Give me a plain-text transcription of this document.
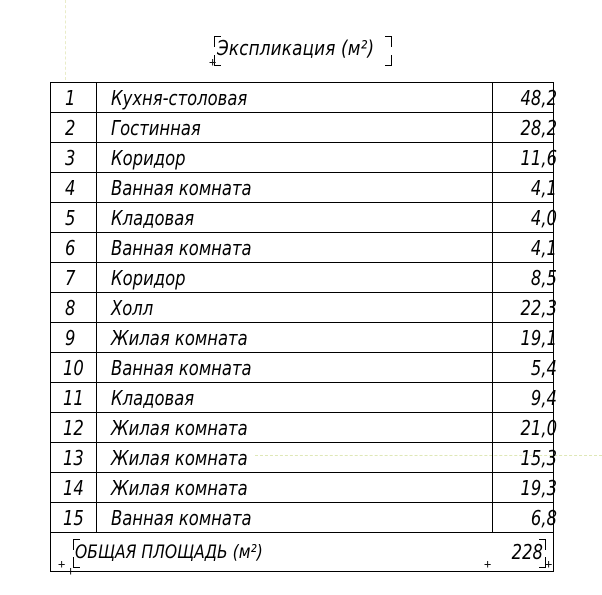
Экспликация (м²)
+
+ +	+	+
1 Кухня-столовая	48,2
2 Гостинная	28,2
3 Коридор	11,6
4 Ванная комната	4,1
5 Кладовая	4,0
6 Ванная комната	4,1
7 Коридор	8,5
8 Холл	22,3
9 Жилая комната	19,1
10 Ванная комната	5,4
11 Кладовая	9,4
12 Жилая комната	21,0
13 Жилая комната	15,3
14 Жилая комната	19,3
15 Ванная комната	6,8
ОБЩАЯ ПЛОЩАДЬ (м²)	228
